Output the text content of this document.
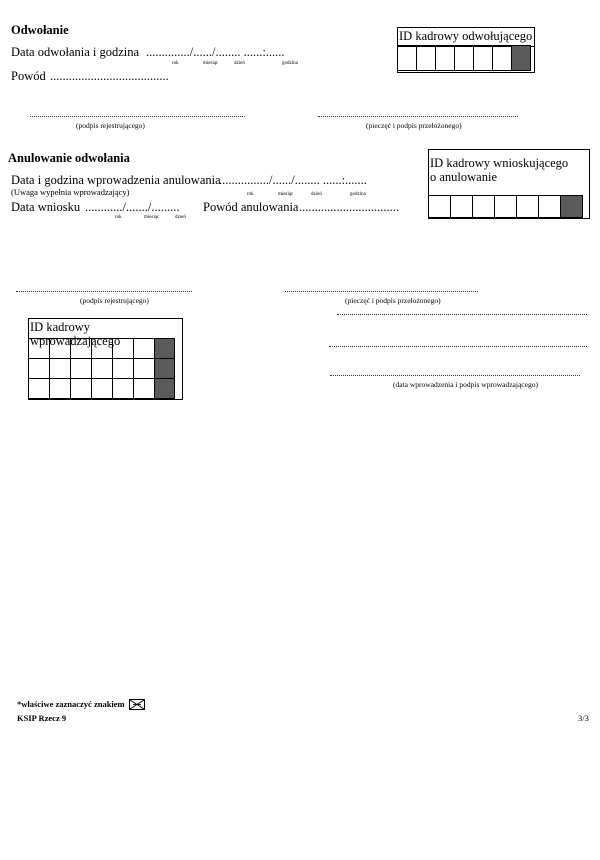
Odwołanie
Data odwołania i godzina ............../....../........ ......:......
rok	miesiąc	dzień	godzina
Powód ......................................
ID kadrowy odwołującego

(podpis rejestrującego)	(pieczęć i podpis przełożonego)
Anulowanie odwołania
Data i godzina wprowadzenia anulowania
................/....../........ ......:.......
(Uwaga wypełnia wprowadzający)	rok	miesiąc	dzień	godzina
Data wniosku ............/......./......... Powód anulowania ................................
rok	miesiąc	dzień
ID kadrowy wnioskującego
o anulowanie

(podpis rejestrującego)	(pieczęć i podpis przełożonego)
ID kadrowy wprowadzającego

(data wprowadzenia i podpis wprowadzającego)
*właściwe zaznaczyć znakiem
KSIP Rzecz 9	3/3
